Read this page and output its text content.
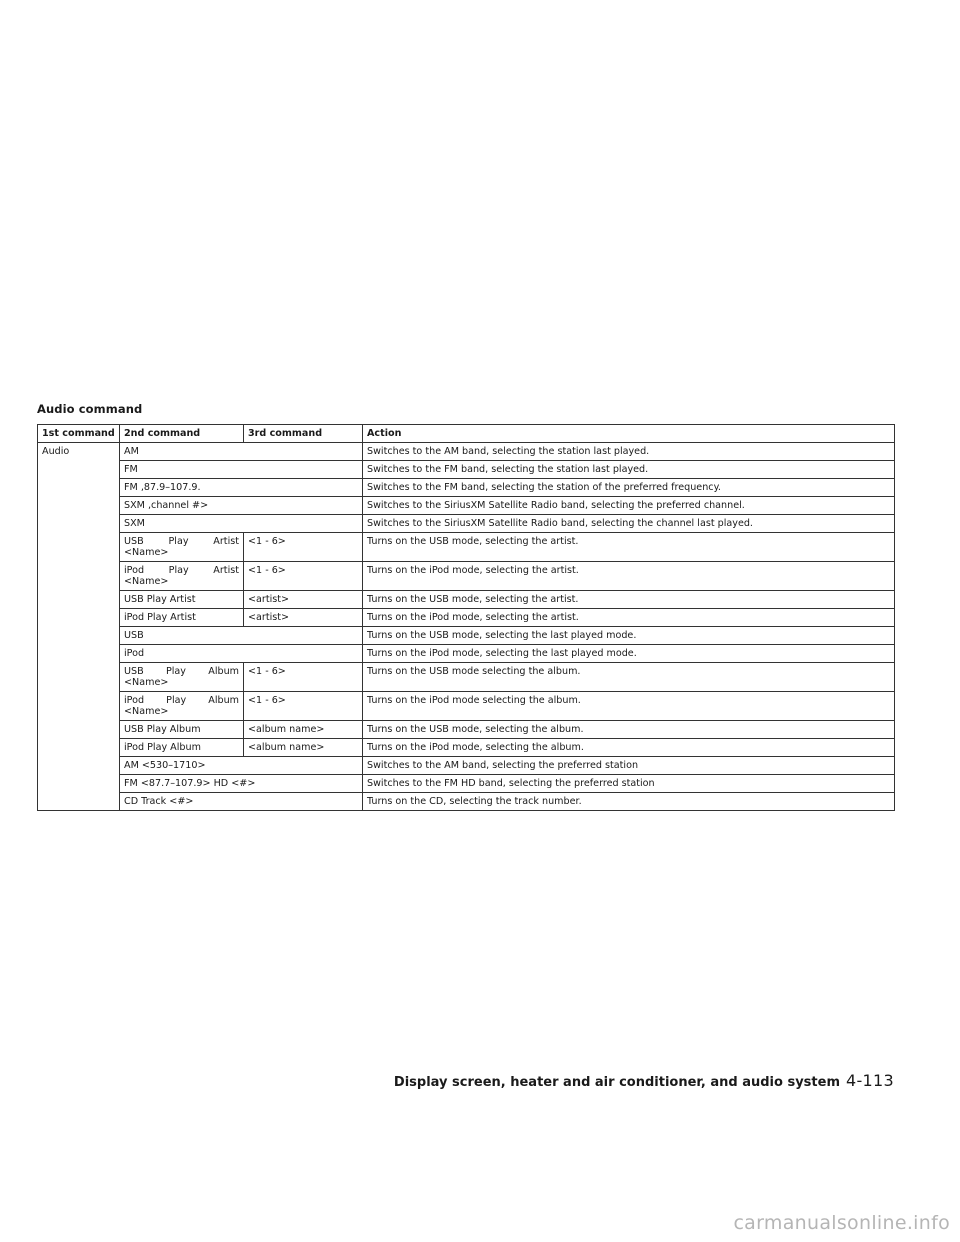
Audio command
1st command	2nd command	3rd command	Action
Audio	AM		Switches to the AM band, selecting the station last played.
	FM		Switches to the FM band, selecting the station last played.
	FM ,87.9–107.9.		Switches to the FM band, selecting the station of the preferred frequency.
	SXM ,channel #>		Switches to the SiriusXM Satellite Radio band, selecting the preferred channel.
	SXM		Switches to the SiriusXM Satellite Radio band, selecting the channel last played.
	USB Play Artist <Name>	<1 - 6>	Turns on the USB mode, selecting the artist.
	iPod Play Artist <Name>	<1 - 6>	Turns on the iPod mode, selecting the artist.
	USB Play Artist	<artist>	Turns on the USB mode, selecting the artist.
	iPod Play Artist	<artist>	Turns on the iPod mode, selecting the artist.
	USB		Turns on the USB mode, selecting the last played mode.
	iPod		Turns on the iPod mode, selecting the last played mode.
	USB Play Album <Name>	<1 - 6>	Turns on the USB mode selecting the album.
	iPod Play Album <Name>	<1 - 6>	Turns on the iPod mode selecting the album.
	USB Play Album	<album name>	Turns on the USB mode, selecting the album.
	iPod Play Album	<album name>	Turns on the iPod mode, selecting the album.
	AM <530–1710>		Switches to the AM band, selecting the preferred station
	FM <87.7–107.9> HD <#>		Switches to the FM HD band, selecting the preferred station
	CD Track <#>		Turns on the CD, selecting the track number.
Display screen, heater and air conditioner, and audio system 4-113
carmanualsonline.info
